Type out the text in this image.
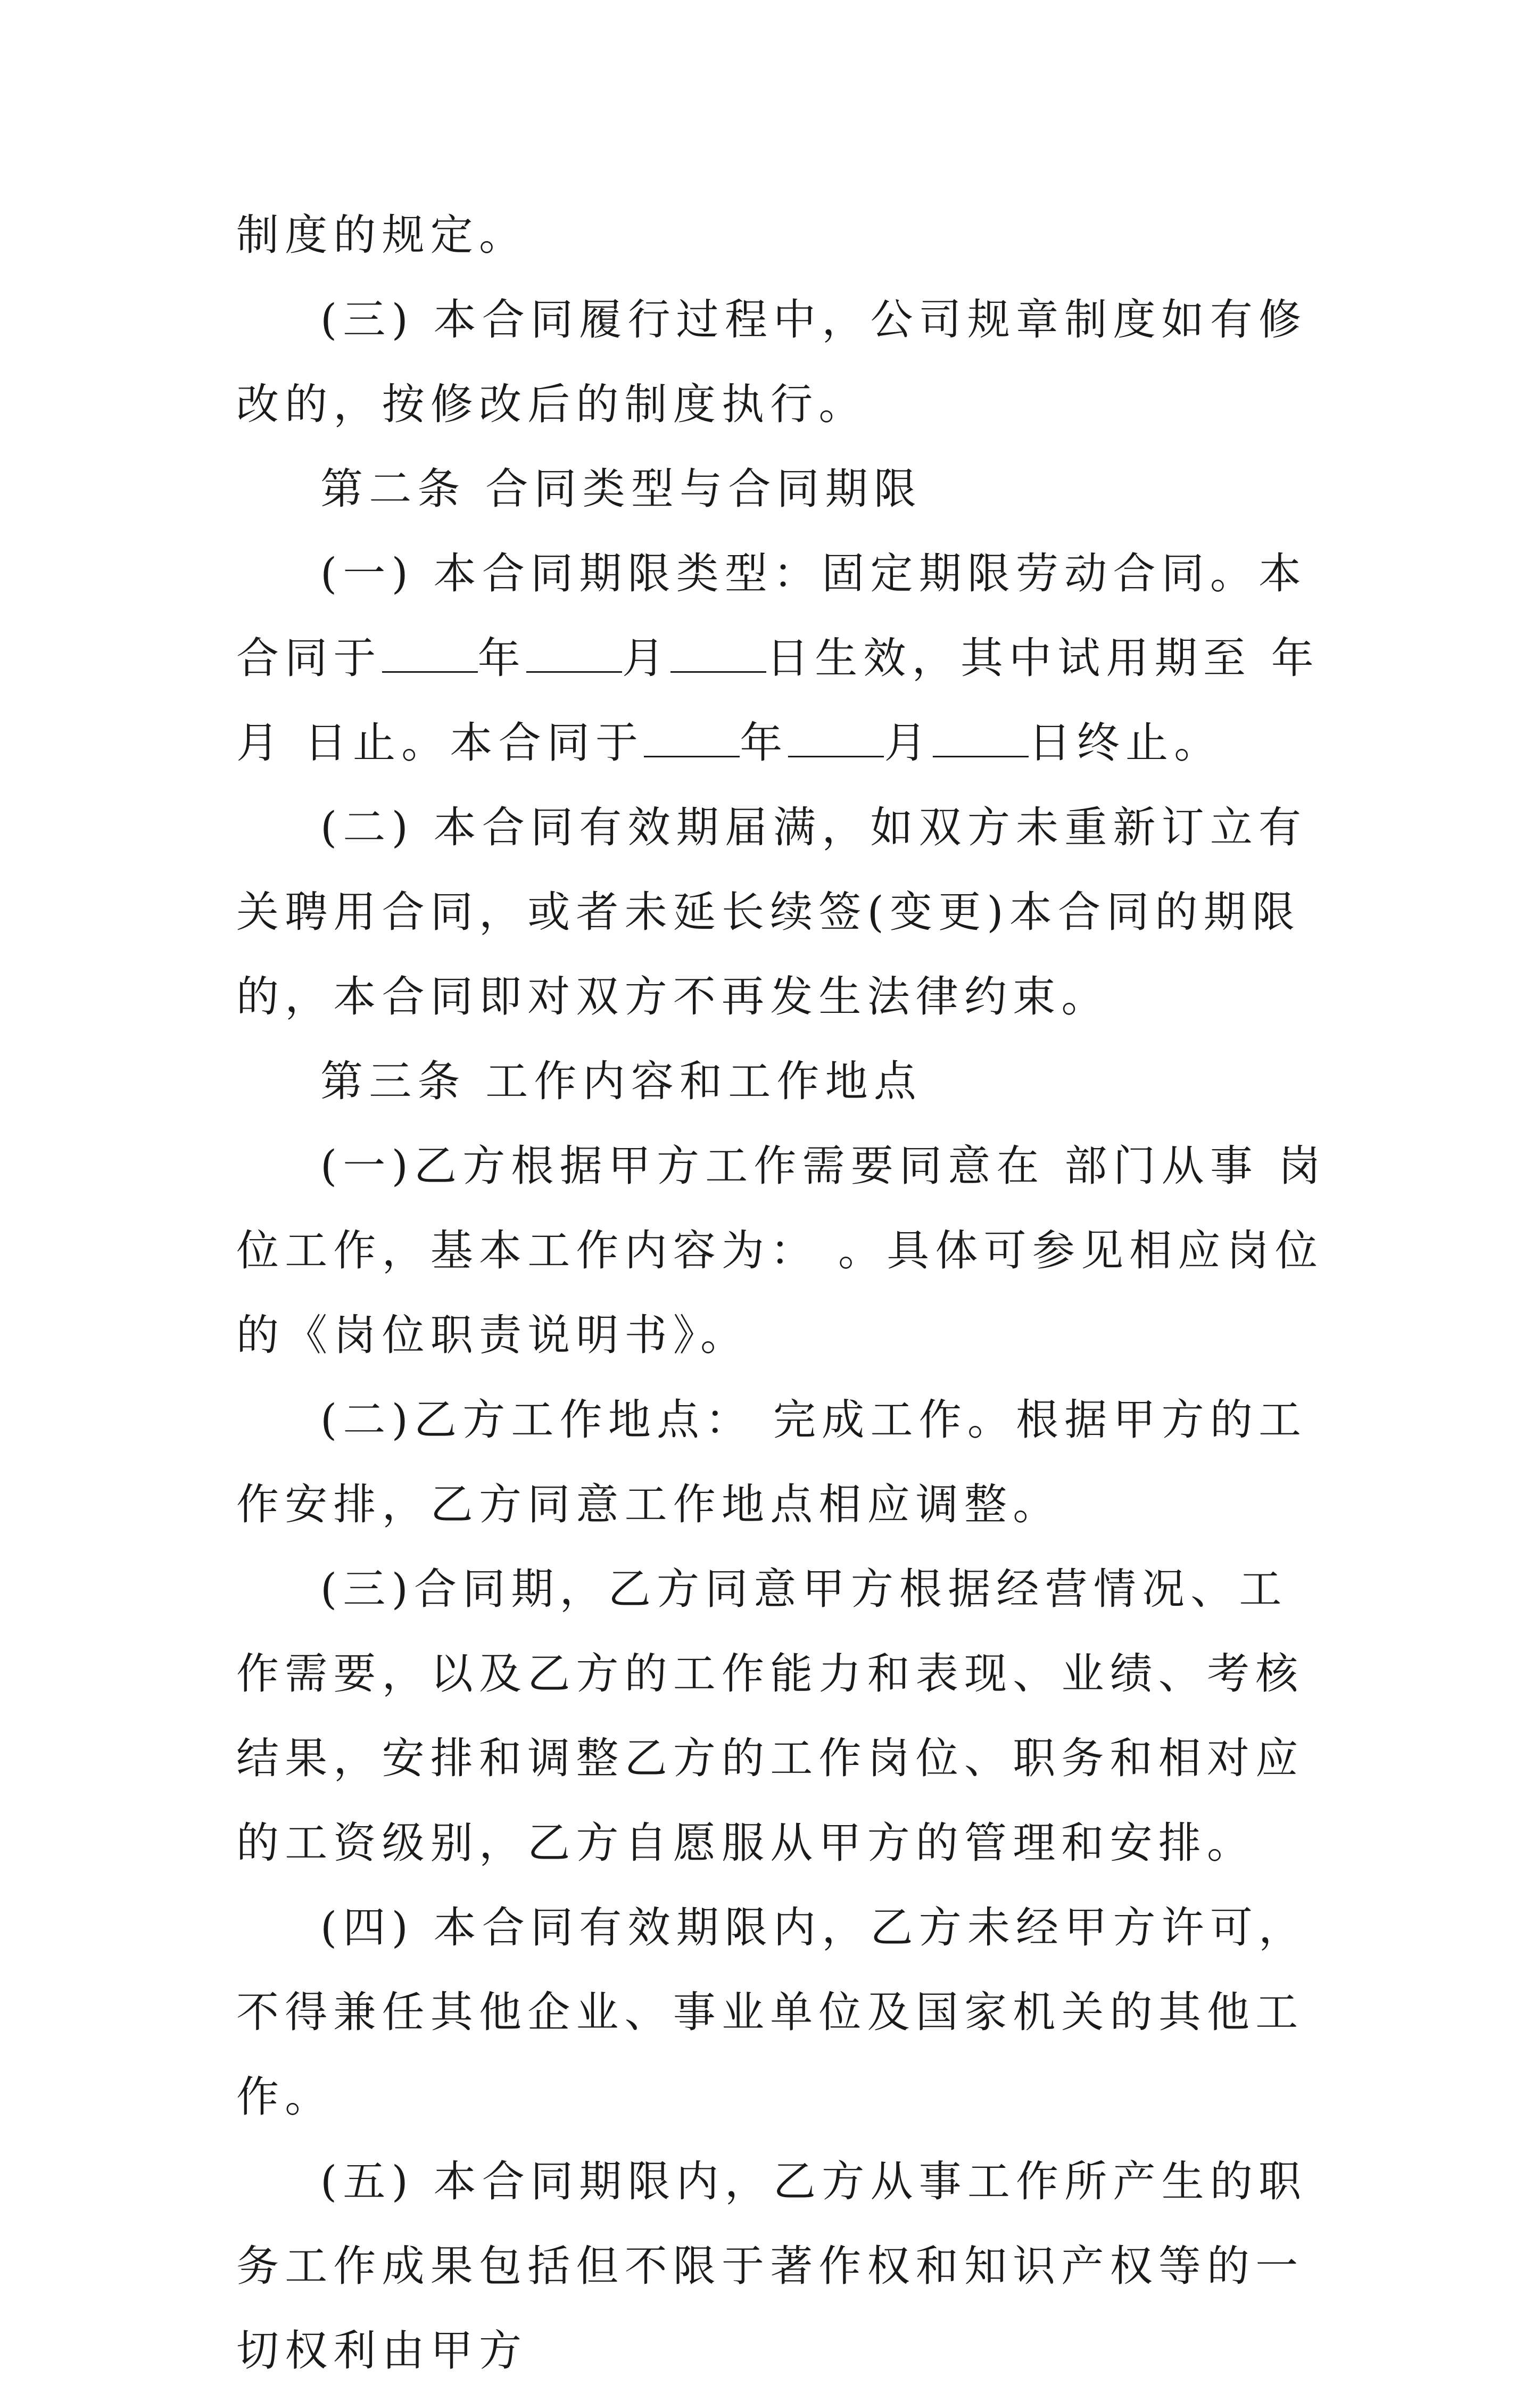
制度的规定。

(三) 本合同履行过程中，公司规章制度如有修改的，按修改后的制度执行。

第二条 合同类型与合同期限

(一) 本合同期限类型：固定期限劳动合同。本合同于 年 月 日生效，其中试用期至 年 月 日止。本合同于 年 月 日终止。

(二) 本合同有效期届满，如双方未重新订立有关聘用合同，或者未延长续签(变更)本合同的期限的，本合同即对双方不再发生法律约束。

第三条 工作内容和工作地点

(一)乙方根据甲方工作需要同意在 部门从事 岗位工作，基本工作内容为： 。具体可参见相应岗位的《岗位职责说明书》。

(二)乙方工作地点： 完成工作。根据甲方的工作安排，乙方同意工作地点相应调整。

(三)合同期，乙方同意甲方根据经营情况、工作需要，以及乙方的工作能力和表现、业绩、考核结果，安排和调整乙方的工作岗位、职务和相对应的工资级别，乙方自愿服从甲方的管理和安排。

(四) 本合同有效期限内，乙方未经甲方许可，不得兼任其他企业、事业单位及国家机关的其他工作。

(五) 本合同期限内，乙方从事工作所产生的职务工作成果包括但不限于著作权和知识产权等的一切权利由甲方
